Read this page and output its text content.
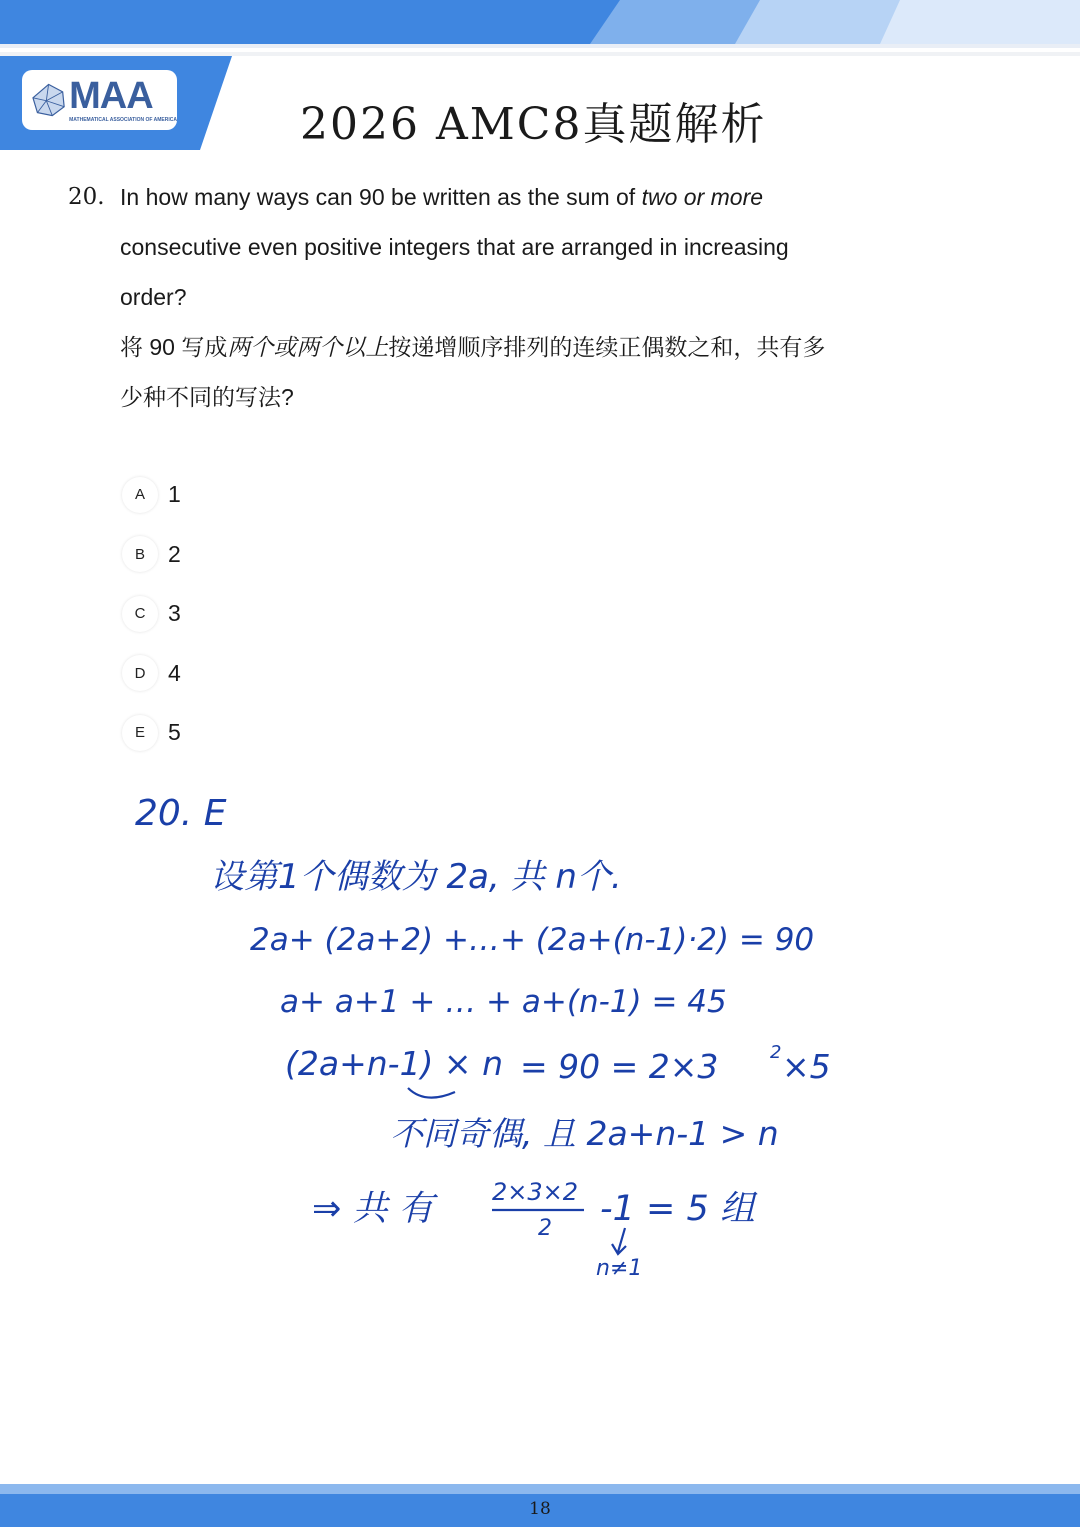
MAA
MATHEMATICAL ASSOCIATION OF AMERICA	2026 AMC8真题解析
20. In how many ways can 90 be written as the sum of two or more
consecutive even positive integers that are arranged in increasing
order?
将 90 写成两个或两个以上按递增顺序排列的连续正偶数之和，共有多
少种不同的写法?
A	1
B	2
C 3
D 4
E	5
20. E
设第1个偶数为 2a, 共 n个.
2a+ (2a+2) +…+ (2a+(n-1)·2) = 90
a+ a+1 + … + a+(n-1) = 45
(2a+n-1) × n = 90 = 2×3	2 ×5
不同奇偶, 且 2a+n-1 > n
⇒ 共 有 2×3×2
2 -1 = 5 组
n≠1
18
